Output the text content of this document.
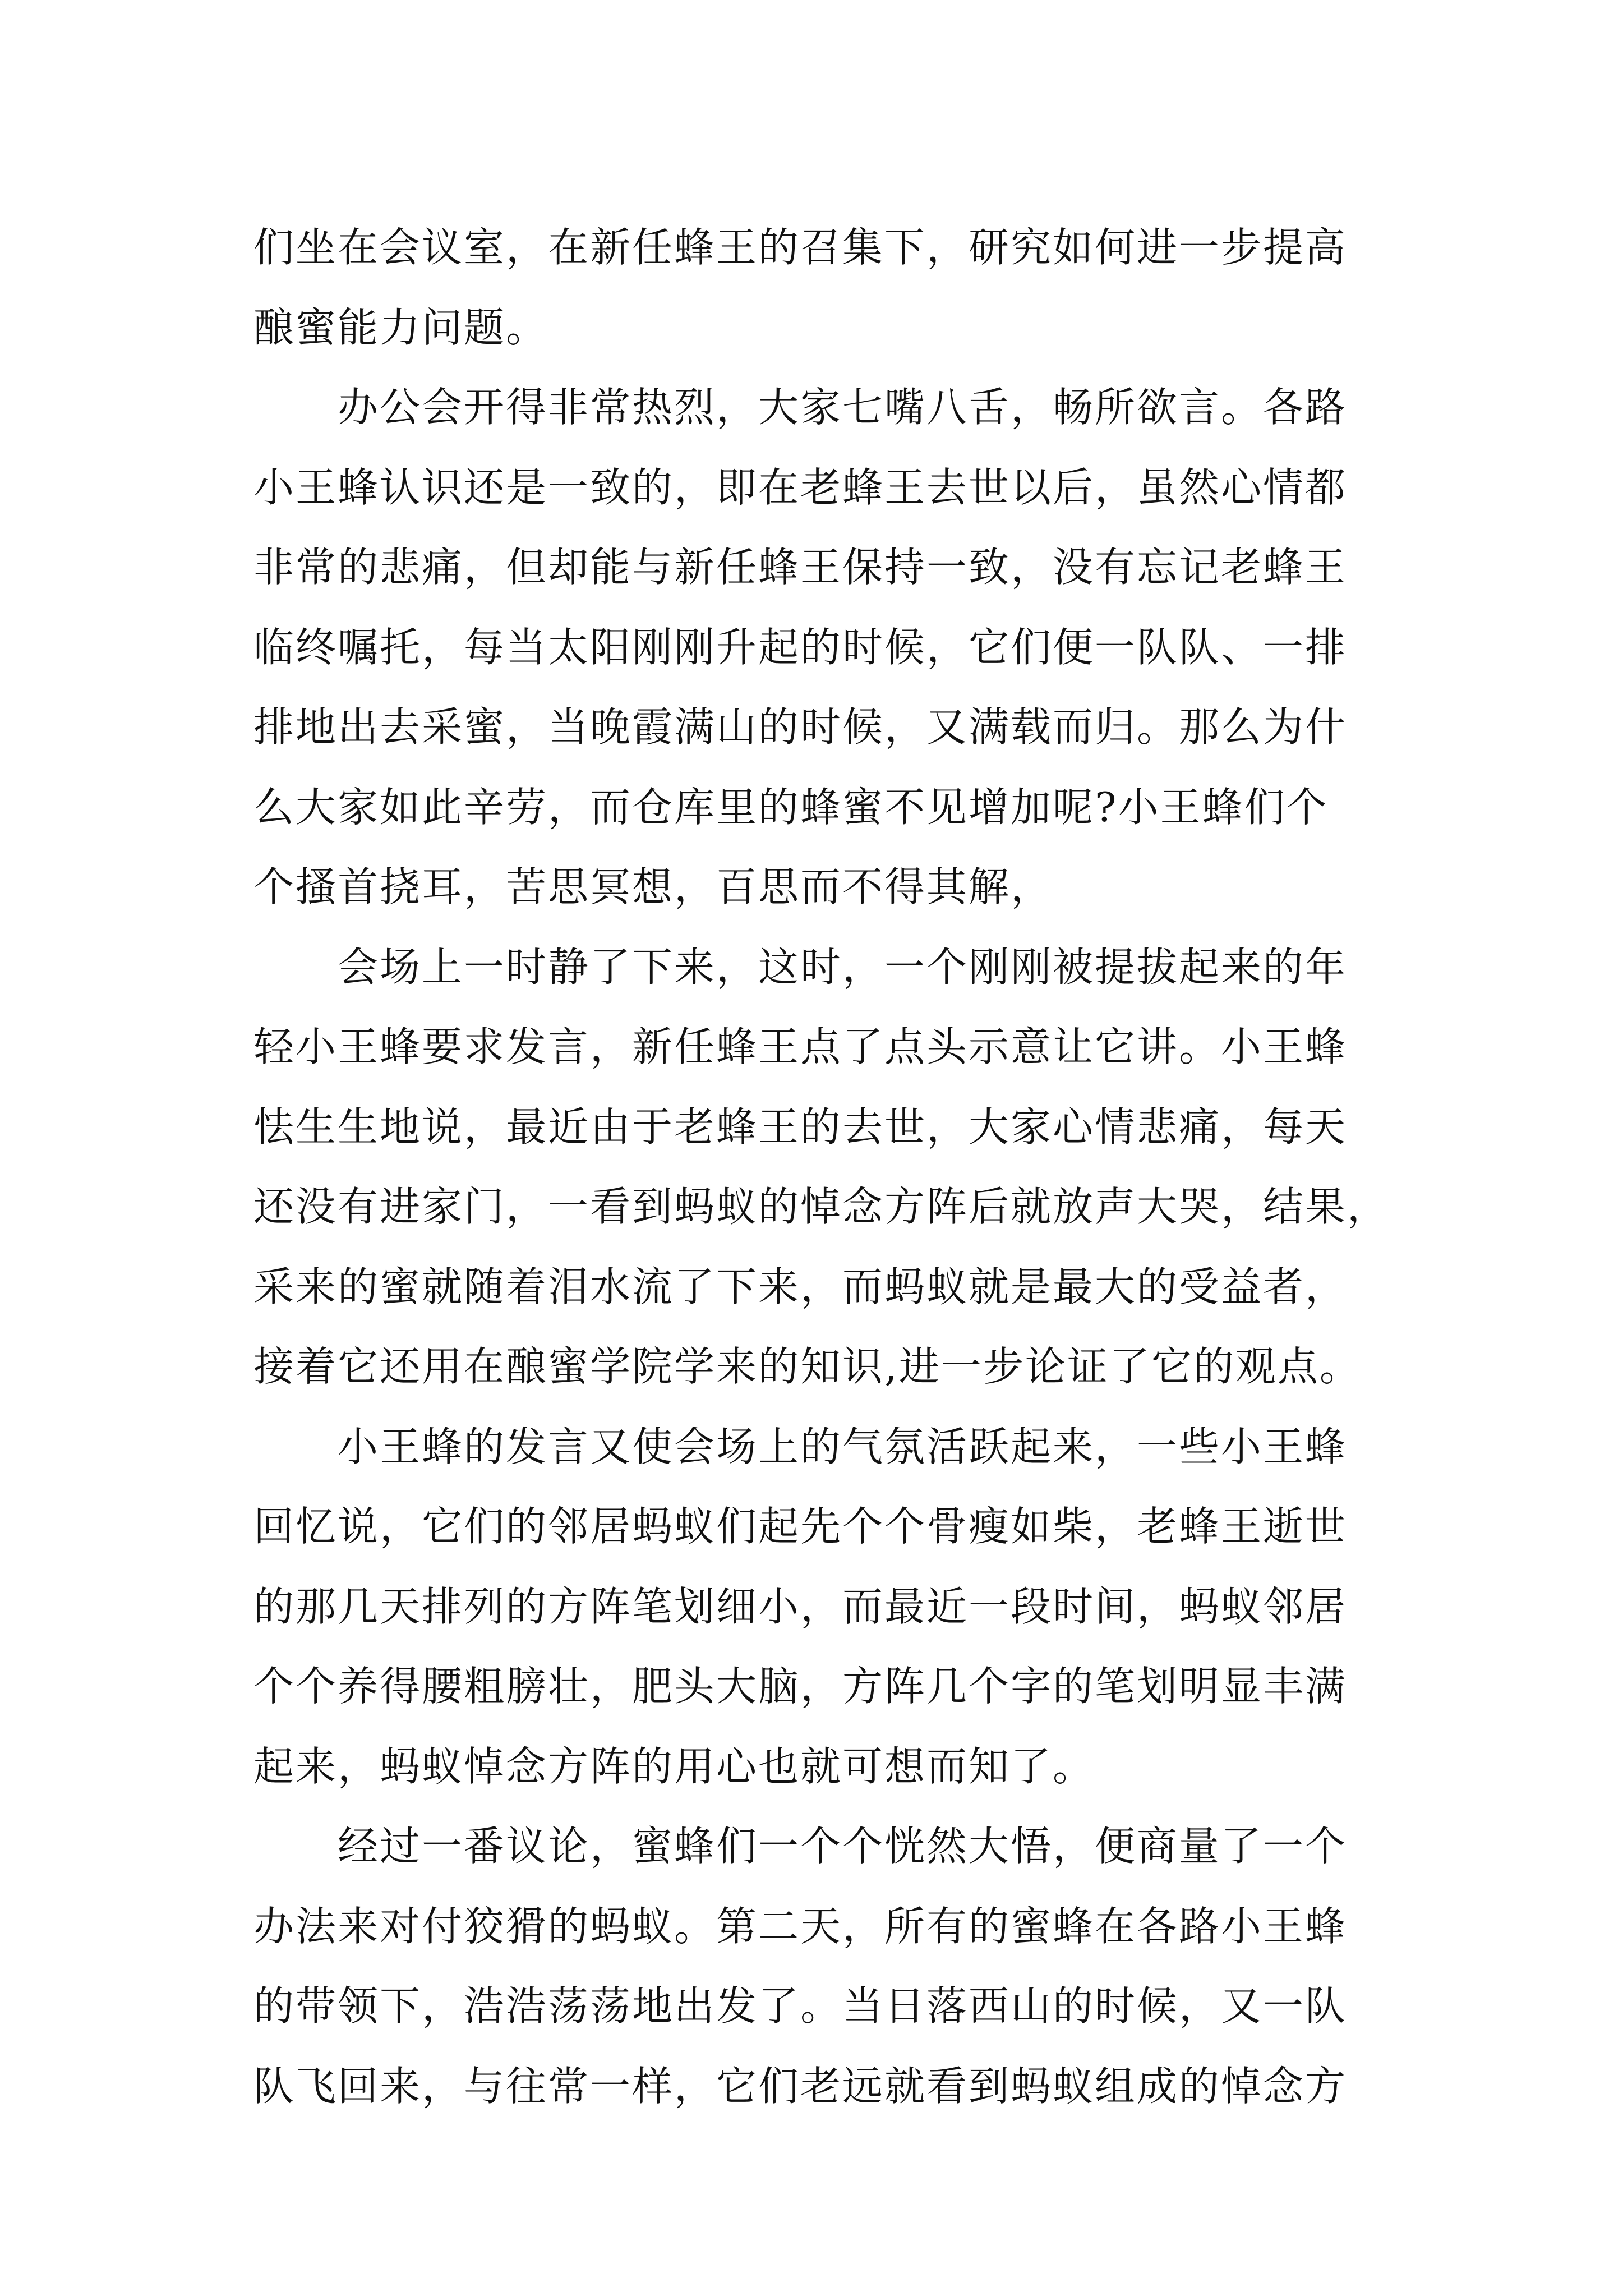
们坐在会议室，在新任蜂王的召集下，研究如何进一步提高
酿蜜能力问题。
　　办公会开得非常热烈，大家七嘴八舌，畅所欲言。各路
小王蜂认识还是一致的，即在老蜂王去世以后，虽然心情都
非常的悲痛，但却能与新任蜂王保持一致，没有忘记老蜂王
临终嘱托，每当太阳刚刚升起的时候，它们便一队队、一排
排地出去采蜜，当晚霞满山的时候，又满载而归。那么为什
么大家如此辛劳，而仓库里的蜂蜜不见增加呢?小王蜂们个
个搔首挠耳，苦思冥想，百思而不得其解，
　　会场上一时静了下来，这时，一个刚刚被提拔起来的年
轻小王蜂要求发言，新任蜂王点了点头示意让它讲。小王蜂
怯生生地说，最近由于老蜂王的去世，大家心情悲痛，每天
还没有进家门，一看到蚂蚁的悼念方阵后就放声大哭，结果，
采来的蜜就随着泪水流了下来，而蚂蚁就是最大的受益者，
接着它还用在酿蜜学院学来的知识,进一步论证了它的观点。
　　小王蜂的发言又使会场上的气氛活跃起来，一些小王蜂
回忆说，它们的邻居蚂蚁们起先个个骨瘦如柴，老蜂王逝世
的那几天排列的方阵笔划细小，而最近一段时间，蚂蚁邻居
个个养得腰粗膀壮，肥头大脑，方阵几个字的笔划明显丰满
起来，蚂蚁悼念方阵的用心也就可想而知了。
　　经过一番议论，蜜蜂们一个个恍然大悟，便商量了一个
办法来对付狡猾的蚂蚁。第二天，所有的蜜蜂在各路小王蜂
的带领下，浩浩荡荡地出发了。当日落西山的时候，又一队
队飞回来，与往常一样，它们老远就看到蚂蚁组成的悼念方
